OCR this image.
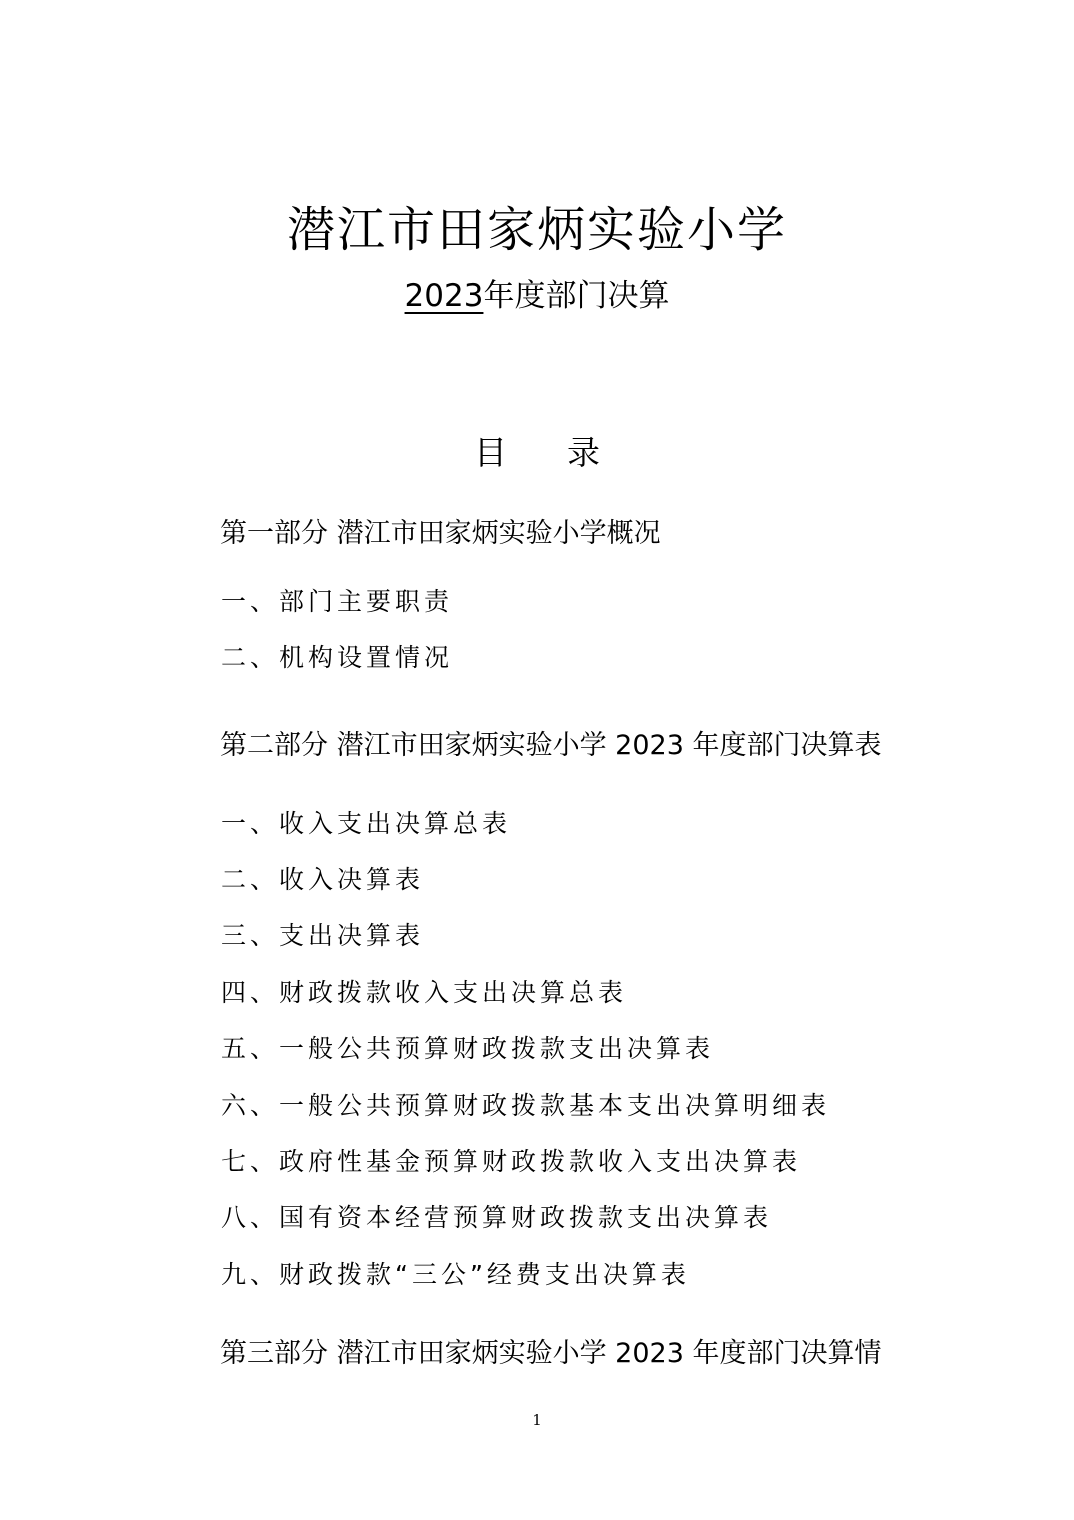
潜江市田家炳实验小学
2023年度部门决算
目 录
第一部分 潜江市田家炳实验小学概况
一、部门主要职责
二、机构设置情况
第二部分 潜江市田家炳实验小学 2023 年度部门决算表
一、收入支出决算总表
二、收入决算表
三、支出决算表
四、财政拨款收入支出决算总表
五、一般公共预算财政拨款支出决算表
六、一般公共预算财政拨款基本支出决算明细表
七、政府性基金预算财政拨款收入支出决算表
八、国有资本经营预算财政拨款支出决算表
九、财政拨款“三公”经费支出决算表
第三部分 潜江市田家炳实验小学 2023 年度部门决算情
1
